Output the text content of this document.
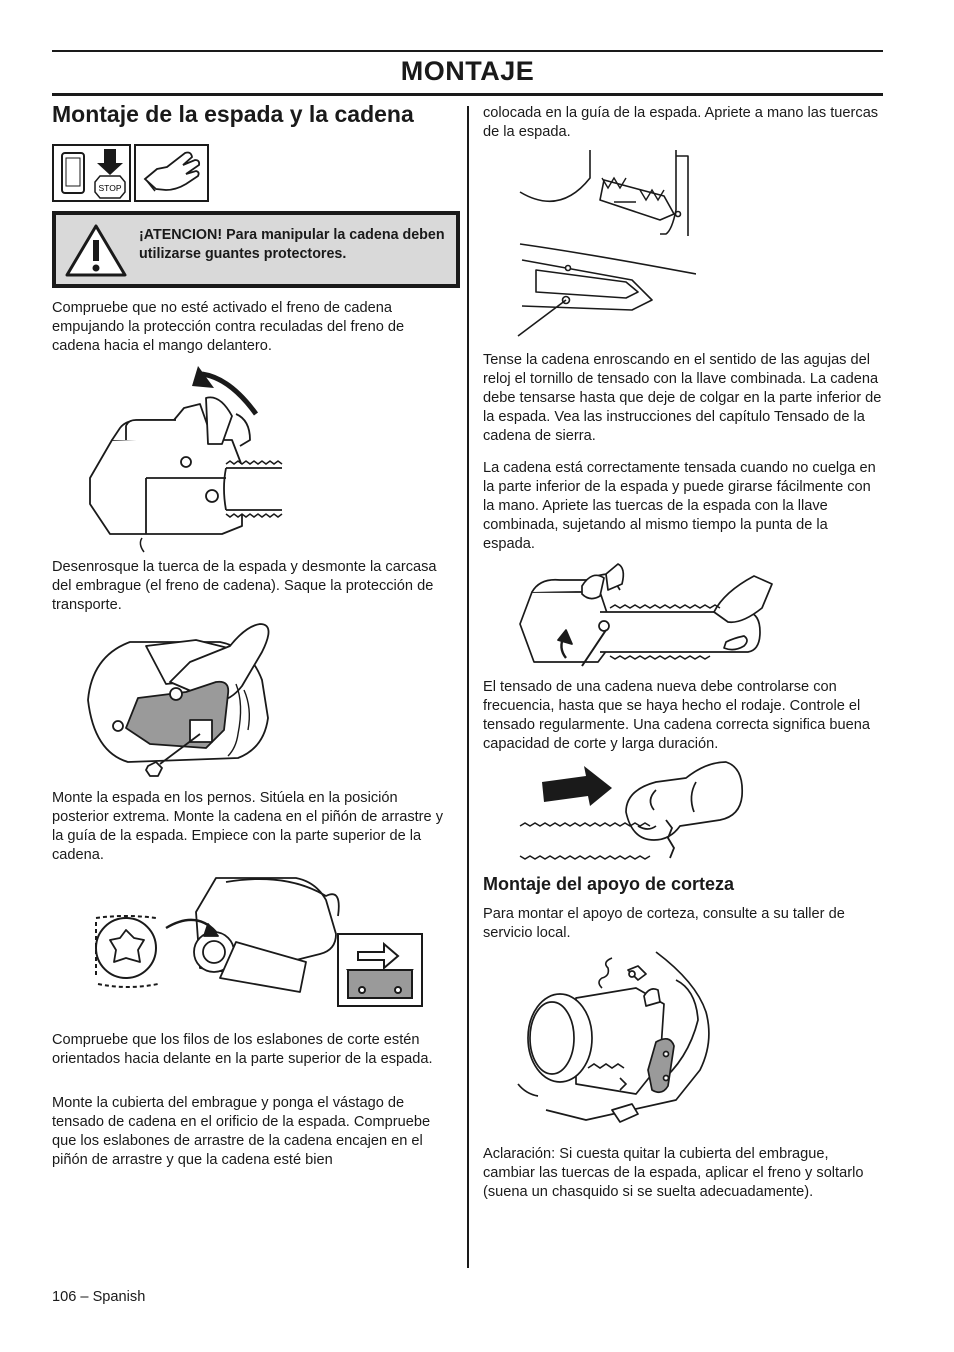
MONTAJE
Montaje de la espada y la cadena
STOP
¡ATENCION! Para manipular la cadena deben utilizarse guantes protectores.

Compruebe que no esté activado el freno de cadena empujando la protección contra reculadas del freno de cadena hacia el mango delantero.

Desenrosque la tuerca de la espada y desmonte la carcasa del embrague (el freno de cadena). Saque la protección de transporte.

Monte la espada en los pernos. Sitúela en la posición posterior extrema. Monte la cadena en el piñón de arrastre y la guía de la espada. Empiece con la parte superior de la cadena.

Compruebe que los filos de los eslabones de corte estén orientados hacia delante en la parte superior de la espada.

Monte la cubierta del embrague y ponga el vástago de tensado de cadena en el orificio de la espada. Compruebe que los eslabones de arrastre de la cadena encajen en el piñón de arrastre y que la cadena esté bien

colocada en la guía de la espada. Apriete a mano las tuercas de la espada.

Tense la cadena enroscando en el sentido de las agujas del reloj el tornillo de tensado con la llave combinada. La cadena debe tensarse hasta que deje de colgar en la parte inferior de la espada. Vea las instrucciones del capítulo Tensado de la cadena de sierra.

La cadena está correctamente tensada cuando no cuelga en la parte inferior de la espada y puede girarse fácilmente con la mano. Apriete las tuercas de la espada con la llave combinada, sujetando al mismo tiempo la punta de la espada.

El tensado de una cadena nueva debe controlarse con frecuencia, hasta que se haya hecho el rodaje. Controle el tensado regularmente. Una cadena correcta significa buena capacidad de corte y larga duración.

Montaje del apoyo de corteza

Para montar el apoyo de corteza, consulte a su taller de servicio local.

Aclaración: Si cuesta quitar la cubierta del embrague, cambiar las tuercas de la espada, aplicar el freno y soltarlo (suena un chasquido si se suelta adecuadamente).

106 – Spanish
